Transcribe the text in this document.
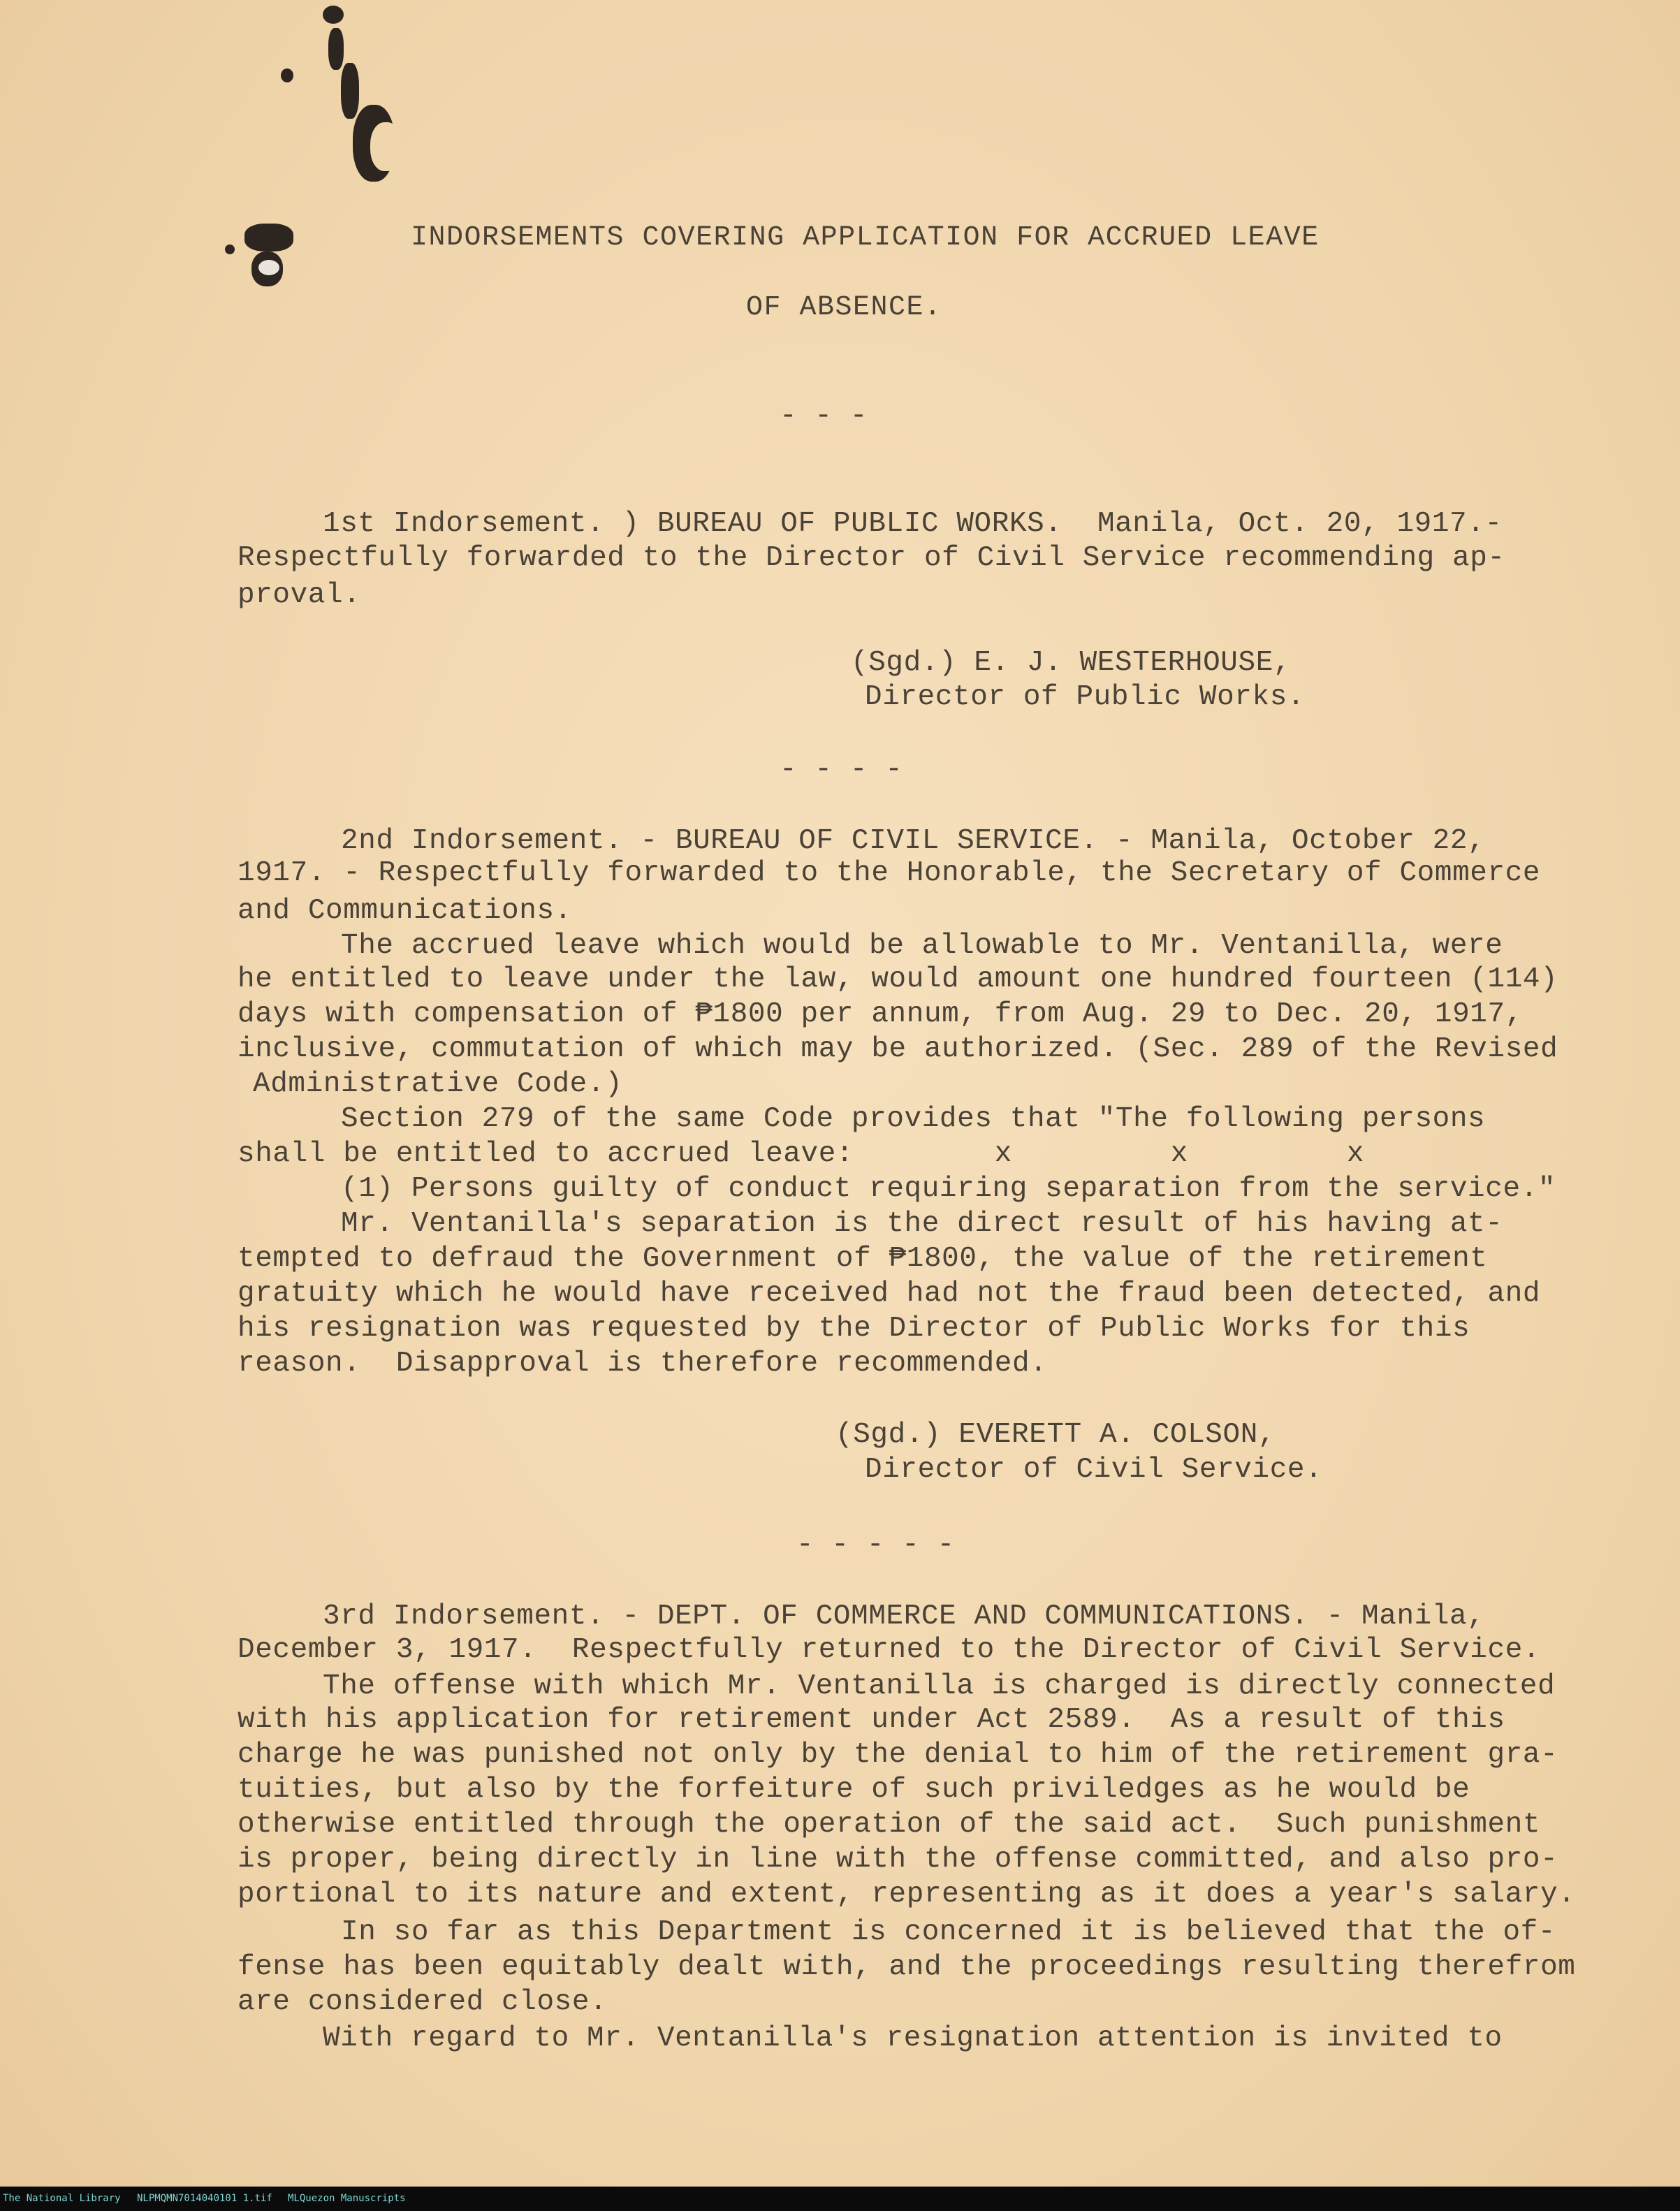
INDORSEMENTS COVERING APPLICATION FOR ACCRUED LEAVE
OF ABSENCE.
- - -
1st Indorsement. ) BUREAU OF PUBLIC WORKS.  Manila, Oct. 20, 1917.-
Respectfully forwarded to the Director of Civil Service recommending ap-
proval.
(Sgd.) E. J. WESTERHOUSE,
Director of Public Works.
- - - -
2nd Indorsement. - BUREAU OF CIVIL SERVICE. - Manila, October 22,
1917. - Respectfully forwarded to the Honorable, the Secretary of Commerce
and Communications.
The accrued leave which would be allowable to Mr. Ventanilla, were
he entitled to leave under the law, would amount one hundred fourteen (114)
days with compensation of ₱1800 per annum, from Aug. 29 to Dec. 20, 1917,
inclusive, commutation of which may be authorized. (Sec. 289 of the Revised
Administrative Code.)
Section 279 of the same Code provides that "The following persons
shall be entitled to accrued leave:        x         x         x
(1) Persons guilty of conduct requiring separation from the service."
Mr. Ventanilla's separation is the direct result of his having at-
tempted to defraud the Government of ₱1800, the value of the retirement
gratuity which he would have received had not the fraud been detected, and
his resignation was requested by the Director of Public Works for this
reason.  Disapproval is therefore recommended.
(Sgd.) EVERETT A. COLSON,
Director of Civil Service.
- - - - -
3rd Indorsement. - DEPT. OF COMMERCE AND COMMUNICATIONS. - Manila,
December 3, 1917.  Respectfully returned to the Director of Civil Service.
The offense with which Mr. Ventanilla is charged is directly connected
with his application for retirement under Act 2589.  As a result of this
charge he was punished not only by the denial to him of the retirement gra-
tuities, but also by the forfeiture of such priviledges as he would be
otherwise entitled through the operation of the said act.  Such punishment
is proper, being directly in line with the offense committed, and also pro-
portional to its nature and extent, representing as it does a year's salary.
In so far as this Department is concerned it is believed that the of-
fense has been equitably dealt with, and the proceedings resulting therefrom
are considered close.
With regard to Mr. Ventanilla's resignation attention is invited to
The National Library NLPMQMN7014040101 1.tif MLQuezon Manuscripts
